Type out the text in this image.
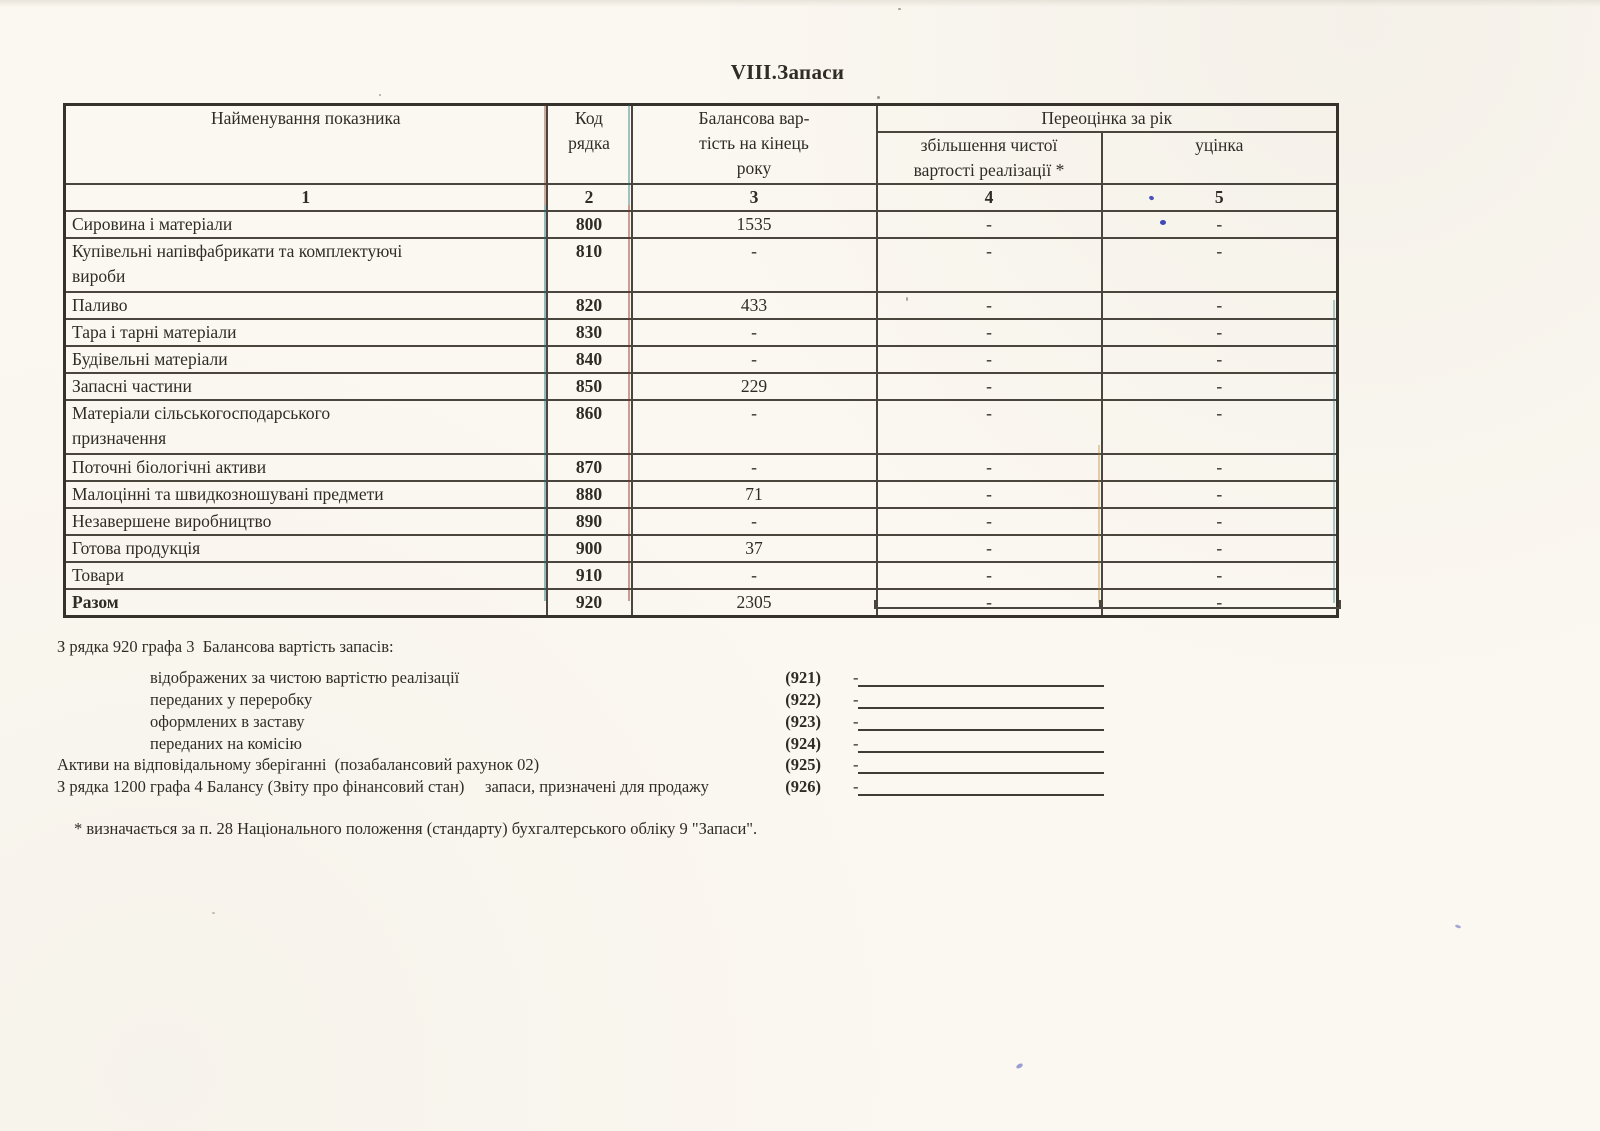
VIII.Запаси
Найменування показника	Код
рядка

Балансова вар-
тість на кінець
року
	Переоцінка за рік

			збільшення чистої
вартості реалізації *	уцінка
1	2	3	4	5

Сировина і матеріали	800	1535	-	-

Купівельні напівфабрикати та комплектуючі
вироби	810	-	-	-

Паливо	820	433	-	-

Тара і тарні матеріали	830	-	-	-

Будівельні матеріали	840	-	-	-

Запасні частини	850	229	-	-

Матеріали сільськогосподарського
призначення	860	-	-	-

Поточні біологічні активи	870	-	-	-

Малоцінні та швидкозношувані предмети	880	71	-	-

Незавершене виробництво	890	-	-	-

Готова продукція	900	37	-	-

Товари	910	-	-	-

Разом	920	2305	-	-
З рядка 920 графа 3  Балансова вартість запасів:
відображених за чистою вартістю реалізації	(921) -
переданих у переробку	(922) -
оформлених в заставу	(923) -
переданих на комісію	(924) -
Активи на відповідальному зберіганні  (позабалансовий рахунок 02)	(925) -
З рядка 1200 графа 4 Балансу (Звіту про фінансовий стан)     запаси, призначені для продажу	(926) -
* визначається за п. 28 Національного положення (стандарту) бухгалтерського обліку 9 "Запаси".
